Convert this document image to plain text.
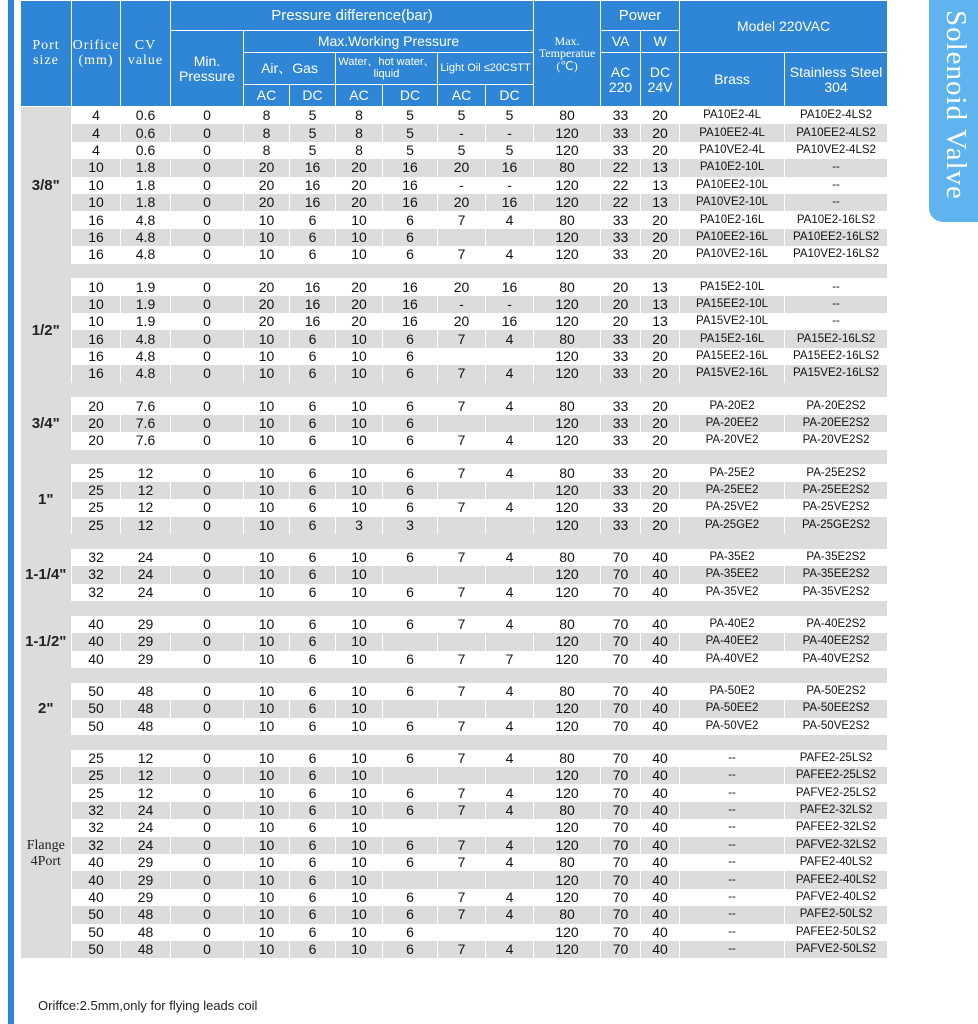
Solenoid Valve
Port size	Orifice (mm)	CV value	Pressure difference(bar)							Max. Temperatue (℃)	Power		Model 220VAC	
			Min. Pressure	Max.Working Pressure							VA	W		
				Air、Gas		Water、hot water、liquid		Light Oil ≤20CSTT			AC 220	DC 24V	Brass	Stainless Steel 304
				AC	DC	AC	DC	AC	DC					
3/8"	4	0.6	0	8	5	8	5	5	5	80	33	20	PA10E2-4L	PA10E2-4LS2
	4	0.6	0	8	5	8	5	-	-	120	33	20	PA10EE2-4L	PA10EE2-4LS2
	4	0.6	0	8	5	8	5	5	5	120	33	20	PA10VE2-4L	PA10VE2-4LS2
	10	1.8	0	20	16	20	16	20	16	80	22	13	PA10E2-10L	--
	10	1.8	0	20	16	20	16	-	-	120	22	13	PA10EE2-10L	--
	10	1.8	0	20	16	20	16	20	16	120	22	13	PA10VE2-10L	--
	16	4.8	0	10	6	10	6	7	4	80	33	20	PA10E2-16L	PA10E2-16LS2
	16	4.8	0	10	6	10	6			120	33	20	PA10EE2-16L	PA10EE2-16LS2
	16	4.8	0	10	6	10	6	7	4	120	33	20	PA10VE2-16L	PA10VE2-16LS2

1/2"	10	1.9	0	20	16	20	16	20	16	80	20	13	PA15E2-10L	--
	10	1.9	0	20	16	20	16	-	-	120	20	13	PA15EE2-10L	--
	10	1.9	0	20	16	20	16	20	16	120	20	13	PA15VE2-10L	--
	16	4.8	0	10	6	10	6	7	4	80	33	20	PA15E2-16L	PA15E2-16LS2
	16	4.8	0	10	6	10	6			120	33	20	PA15EE2-16L	PA15EE2-16LS2
	16	4.8	0	10	6	10	6	7	4	120	33	20	PA15VE2-16L	PA15VE2-16LS2

3/4"	20	7.6	0	10	6	10	6	7	4	80	33	20	PA-20E2	PA-20E2S2
	20	7.6	0	10	6	10	6			120	33	20	PA-20EE2	PA-20EE2S2
	20	7.6	0	10	6	10	6	7	4	120	33	20	PA-20VE2	PA-20VE2S2

1"	25	12	0	10	6	10	6	7	4	80	33	20	PA-25E2	PA-25E2S2
	25	12	0	10	6	10	6			120	33	20	PA-25EE2	PA-25EE2S2
	25	12	0	10	6	10	6	7	4	120	33	20	PA-25VE2	PA-25VE2S2
	25	12	0	10	6	3	3			120	33	20	PA-25GE2	PA-25GE2S2

1-1/4"	32	24	0	10	6	10	6	7	4	80	70	40	PA-35E2	PA-35E2S2
	32	24	0	10	6	10				120	70	40	PA-35EE2	PA-35EE2S2
	32	24	0	10	6	10	6	7	4	120	70	40	PA-35VE2	PA-35VE2S2

1-1/2"	40	29	0	10	6	10	6	7	4	80	70	40	PA-40E2	PA-40E2S2
	40	29	0	10	6	10				120	70	40	PA-40EE2	PA-40EE2S2
	40	29	0	10	6	10	6	7	7	120	70	40	PA-40VE2	PA-40VE2S2

2"	50	48	0	10	6	10	6	7	4	80	70	40	PA-50E2	PA-50E2S2
	50	48	0	10	6	10				120	70	40	PA-50EE2	PA-50EE2S2
	50	48	0	10	6	10	6	7	4	120	70	40	PA-50VE2	PA-50VE2S2

Flange 4Port	25	12	0	10	6	10	6	7	4	80	70	40	--	PAFE2-25LS2
	25	12	0	10	6	10				120	70	40	--	PAFEE2-25LS2
	25	12	0	10	6	10	6	7	4	120	70	40	--	PAFVE2-25LS2
	32	24	0	10	6	10	6	7	4	80	70	40	--	PAFE2-32LS2
	32	24	0	10	6	10				120	70	40	--	PAFEE2-32LS2
	32	24	0	10	6	10	6	7	4	120	70	40	--	PAFVE2-32LS2
	40	29	0	10	6	10	6	7	4	80	70	40	--	PAFE2-40LS2
	40	29	0	10	6	10				120	70	40	--	PAFEE2-40LS2
	40	29	0	10	6	10	6	7	4	120	70	40	--	PAFVE2-40LS2
	50	48	0	10	6	10	6	7	4	80	70	40	--	PAFE2-50LS2
	50	48	0	10	6	10	6			120	70	40	--	PAFEE2-50LS2
	50	48	0	10	6	10	6	7	4	120	70	40	--	PAFVE2-50LS2
Oriffce:2.5mm,only for flying leads coil
